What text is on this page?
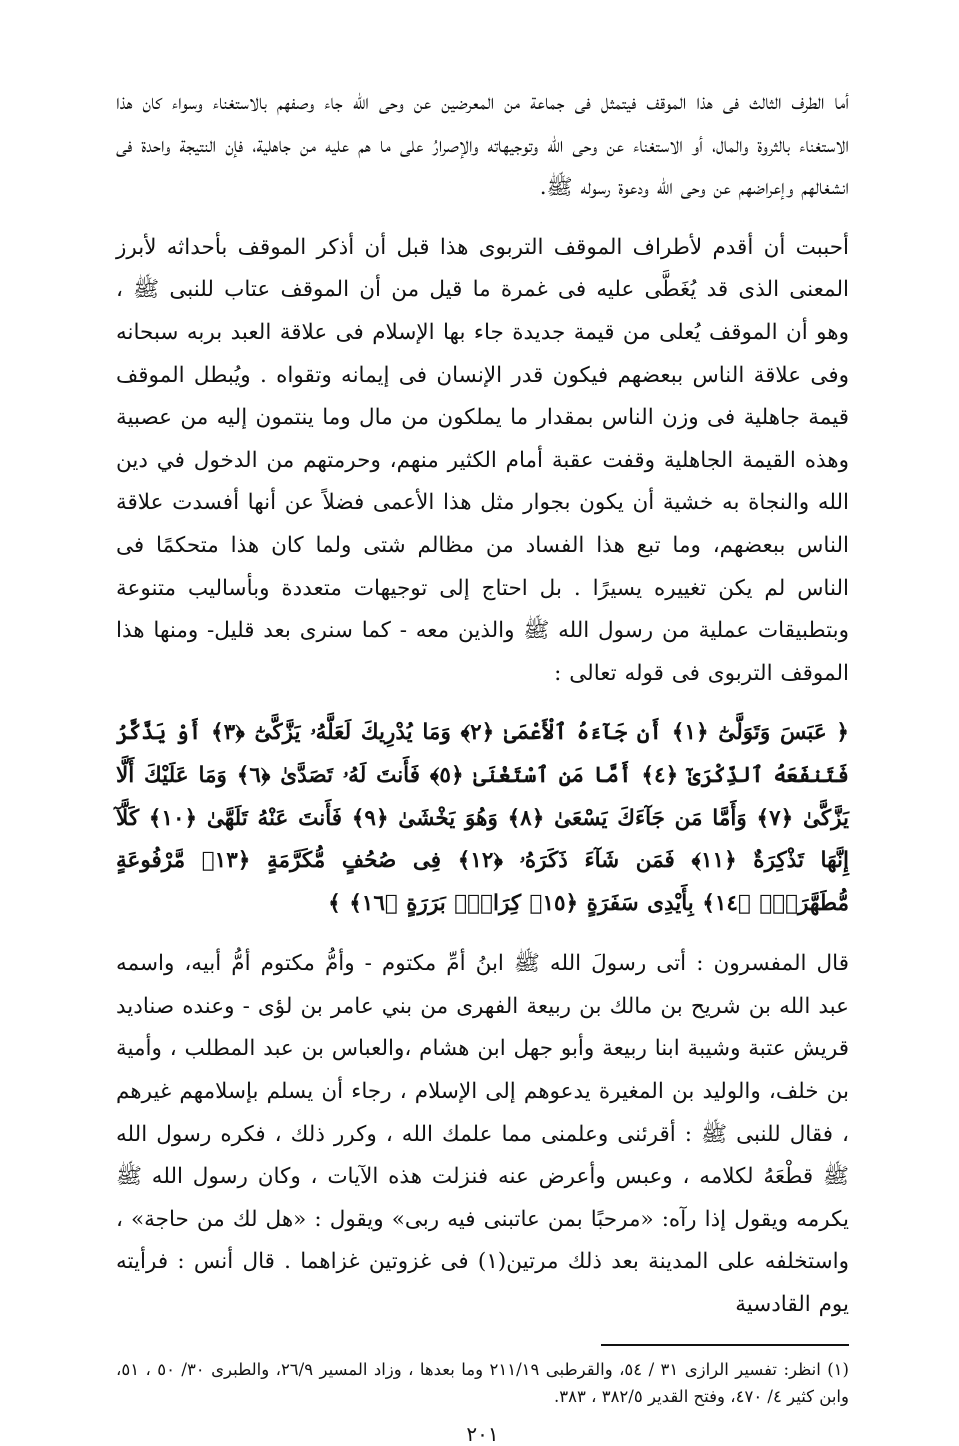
أما الطرف الثالث فى هذا الموقف فيتمثل فى جماعة من المعرضين عن وحى الله جاء وصفهم بالاستغناء وسواء كان هذا الاستغناء بالثروة والمال، أو الاستغناء عن وحى الله وتوجيهاته والإصرارُ على ما هم عليه من جاهلية، فإن النتيجة واحدة فى انشغالهم وإعراضهم عن وحى الله ودعوة رسوله ﷺ.

أحببت أن أقدم لأطراف الموقف التربوى هذا قبل أن أذكر الموقف بأحداثه لأبرز المعنى الذى قد يُغَطَّى عليه فى غمرة ما قيل من أن الموقف عتاب للنبى ﷺ ، وهو أن الموقف يُعلى من قيمة جديدة جاء بها الإسلام فى علاقة العبد بربه سبحانه وفى علاقة الناس ببعضهم فيكون قدر الإنسان فى إيمانه وتقواه . ويُبطل الموقف قيمة جاهلية فى وزن الناس بمقدار ما يملكون من مال وما ينتمون إليه من عصبية وهذه القيمة الجاهلية وقفت عقبة أمام الكثير منهم، وحرمتهم من الدخول في دين الله والنجاة به خشية أن يكون بجوار مثل هذا الأعمى فضلاً عن أنها أفسدت علاقة الناس ببعضهم، وما تبع هذا الفساد من مظالم شتى ولما كان هذا متحكمًا فى الناس لم يكن تغييره يسيرًا . بل احتاج إلى توجيهات متعددة وبأساليب متنوعة وبتطبيقات عملية من رسول الله ﷺ والذين معه - كما سنرى بعد قليل- ومنها هذا الموقف التربوى فى قوله تعالى :

﴿ عَبَسَ وَتَوَلَّىٰٓ ﴿١﴾ أَن جَآءَهُ ٱلْأَعْمَىٰ ﴿٢﴾ وَمَا يُدْرِيكَ لَعَلَّهُۥ يَزَّكَّىٰٓ ﴿٣﴾ أَوْ يَذَّكَّرُ فَتَنفَعَهُ ٱلذِّكْرَىٰٓ ﴿٤﴾ أَمَّا مَنِ ٱسْتَغْنَىٰ ﴿٥﴾ فَأَنتَ لَهُۥ تَصَدَّىٰ ﴿٦﴾ وَمَا عَلَيْكَ أَلَّا يَزَّكَّىٰ ﴿٧﴾ وَأَمَّا مَن جَآءَكَ يَسْعَىٰ ﴿٨﴾ وَهُوَ يَخْشَىٰ ﴿٩﴾ فَأَنتَ عَنْهُ تَلَهَّىٰ ﴿١٠﴾ كَلَّآ إِنَّهَا تَذْكِرَةٌ ﴿١١﴾ فَمَن شَآءَ ذَكَرَهُۥ ﴿١٢﴾ فِى صُحُفٍ مُّكَرَّمَةٍ ﴿١٣﴾ مَّرْفُوعَةٍ مُّطَهَّرَةٍۭ ﴿١٤﴾ بِأَيْدِى سَفَرَةٍ ﴿١٥﴾ كِرَامٍۭ بَرَرَةٍ ﴿١٦﴾ ﴾

قال المفسرون : أتى رسولَ الله ﷺ ابنُ أمِّ مكتوم - وأمُّ مكتوم أمُّ أبيه، واسمه عبد الله بن شريح بن مالك بن ربيعة الفهرى من بني عامر بن لؤى - وعنده صناديد قريش عتبة وشيبة ابنا ربيعة وأبو جهل ابن هشام ،والعباس بن عبد المطلب ، وأمية بن خلف، والوليد بن المغيرة يدعوهم إلى الإسلام ، رجاء أن يسلم بإسلامهم غيرهم ، فقال للنبى ﷺ : أقرئنى وعلمنى مما علمك الله ، وكرر ذلك ، فكره رسول الله ﷺ قطْعَهُ لكلامه ، وعبس وأعرض عنه فنزلت هذه الآيات ، وكان رسول الله ﷺ يكرمه ويقول إذا رآه: «مرحبًا بمن عاتبنى فيه ربى» ويقول : «هل لك من حاجة» ، واستخلفه على المدينة بعد ذلك مرتين(١) فى غزوتين غزاهما . قال أنس : فرأيته يوم القادسية

(١) انظر: تفسير الرازى ٣١ / ٥٤، والقرطبى ٢١١/١٩ وما بعدها ، وزاد المسير ٢٦/٩، والطبرى ٣٠/ ٥٠ ، ٥١، وابن كثير ٤/ ٤٧٠، وفتح القدير ٣٨٢/٥ ، ٣٨٣.

٢٠١
